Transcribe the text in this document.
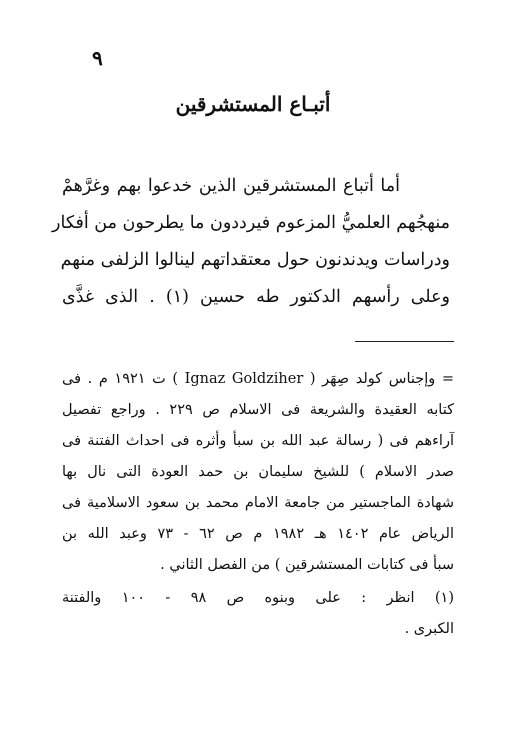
٩
أتبـاع المستشرقين
أما أتباع المستشرقين الذين خدعوا بهم وغرَّهمْ
منهجُهم العلميُّ المزعوم فيرددون ما يطرحون من أفكار
ودراسات ويدندنون حول معتقداتهم لينالوا الزلفى منهم
وعلى رأسهم الدكتور طه حسين (١) . الذى غذَّى
= وإجناس كولد صِهَر ( Ignaz Goldziher ) ت ١٩٢١ م . فى
كتابه العقيدة والشريعة فى الاسلام ص ٢٢٩ . وراجع تفصيل
آراءهم فى ( رسالة عبد الله بن سبأ وأثره فى احداث الفتنة فى
صدر الاسلام ) للشيخ سليمان بن حمد العودة التى نال بها
شهادة الماجستير من جامعة الامام محمد بن سعود الاسلامية فى
الرياض عام ١٤٠٢ هـ ١٩٨٢ م ص ٦٢ - ٧٣ وعبد الله بن
سبأ فى كتابات المستشرقين ) من الفصل الثاني .
(١) انظر : على وبنوه ص ٩٨ - ١٠٠ والفتنة
الكبرى .
